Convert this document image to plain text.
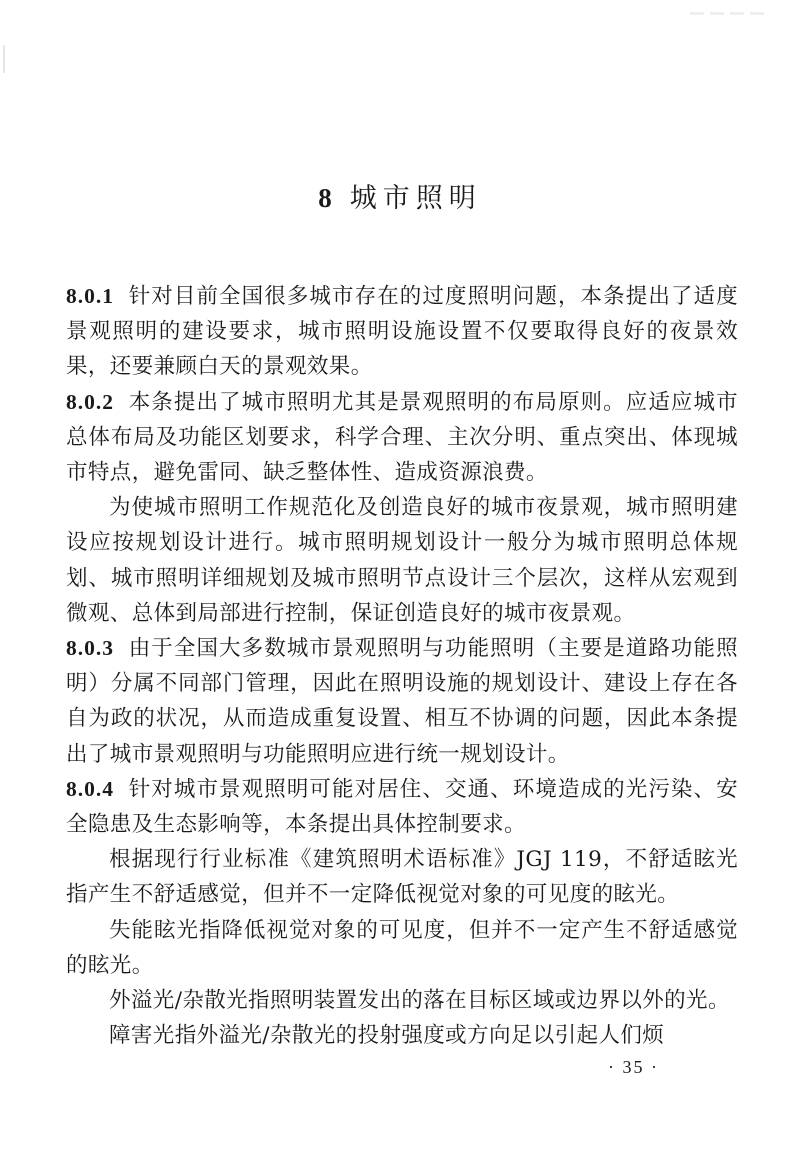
8 城市照明

8.0.1 针对目前全国很多城市存在的过度照明问题，本条提出了适度景观照明的建设要求，城市照明设施设置不仅要取得良好的夜景效果，还要兼顾白天的景观效果。

8.0.2 本条提出了城市照明尤其是景观照明的布局原则。应适应城市总体布局及功能区划要求，科学合理、主次分明、重点突出、体现城市特点，避免雷同、缺乏整体性、造成资源浪费。

为使城市照明工作规范化及创造良好的城市夜景观，城市照明建设应按规划设计进行。城市照明规划设计一般分为城市照明总体规划、城市照明详细规划及城市照明节点设计三个层次，这样从宏观到微观、总体到局部进行控制，保证创造良好的城市夜景观。

8.0.3 由于全国大多数城市景观照明与功能照明（主要是道路功能照明）分属不同部门管理，因此在照明设施的规划设计、建设上存在各自为政的状况，从而造成重复设置、相互不协调的问题，因此本条提出了城市景观照明与功能照明应进行统一规划设计。

8.0.4 针对城市景观照明可能对居住、交通、环境造成的光污染、安全隐患及生态影响等，本条提出具体控制要求。

根据现行行业标准《建筑照明术语标准》JGJ 119，不舒适眩光指产生不舒适感觉，但并不一定降低视觉对象的可见度的眩光。

失能眩光指降低视觉对象的可见度，但并不一定产生不舒适感觉的眩光。

外溢光/杂散光指照明装置发出的落在目标区域或边界以外的光。

障害光指外溢光/杂散光的投射强度或方向足以引起人们烦

· 35 ·
